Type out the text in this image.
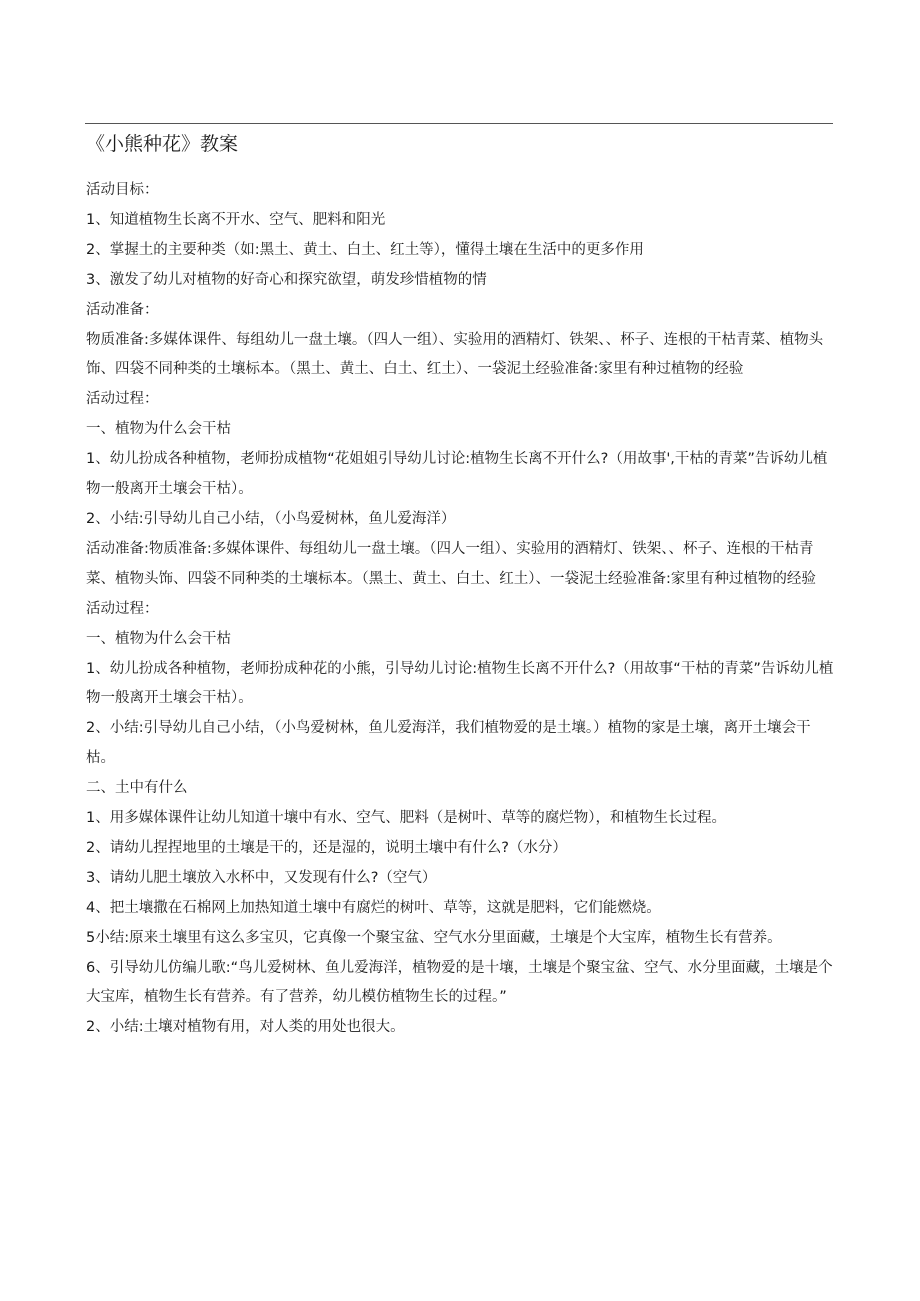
《小熊种花》教案

活动目标：

1、知道植物生长离不开水、空气、肥料和阳光

2、掌握土的主要种类（如:黑土、黄土、白土、红土等），懂得土壤在生活中的更多作用

3、激发了幼儿对植物的好奇心和探究欲望，萌发珍惜植物的情

活动准备：

物质准备:多媒体课件、每组幼儿一盘土壤。（四人一组）、实验用的酒精灯、铁架、、杯子、连根的干枯青菜、植物头饰、四袋不同种类的土壤标本。（黑土、黄土、白土、红土）、一袋泥土经验准备:家里有种过植物的经验

活动过程：

一、植物为什么会干枯

1、幼儿扮成各种植物，老师扮成植物“花姐姐引导幼儿讨论:植物生长离不开什么?（用故事',干枯的青菜”告诉幼儿植物一般离开土壤会干枯）。

2、小结:引导幼儿自己小结，（小鸟爱树林，鱼儿爱海洋）

活动准备:物质准备:多媒体课件、每组幼儿一盘土壤。（四人一组）、实验用的酒精灯、铁架、、杯子、连根的干枯青菜、植物头饰、四袋不同种类的土壤标本。（黑土、黄土、白土、红土）、一袋泥土经验准备:家里有种过植物的经验

活动过程：

一、植物为什么会干枯

1、幼儿扮成各种植物，老师扮成种花的小熊，引导幼儿讨论:植物生长离不开什么?（用故事“干枯的青菜”告诉幼儿植物一般离开土壤会干枯）。

2、小结:引导幼儿自己小结，（小鸟爱树林，鱼儿爱海洋，我们植物爱的是土壤。）植物的家是土壤，离开土壤会干枯。

二、土中有什么

1、用多媒体课件让幼儿知道十壤中有水、空气、肥料（是树叶、草等的腐烂物），和植物生长过程。

2、请幼儿捏捏地里的土壤是干的，还是湿的，说明土壤中有什么?（水分）

3、请幼儿肥土壤放入水杯中，又发现有什么?（空气）

4、把土壤撒在石棉网上加热知道土壤中有腐烂的树叶、草等，这就是肥料，它们能燃烧。

5小结:原来土壤里有这么多宝贝，它真像一个聚宝盆、空气水分里面藏，土壤是个大宝库，植物生长有营养。

6、引导幼儿仿编儿歌:“鸟儿爱树林、鱼儿爱海洋，植物爱的是十壤，土壤是个聚宝盆、空气、水分里面藏，土壤是个大宝库，植物生长有营养。有了营养，幼儿模仿植物生长的过程。”

2、小结:土壤对植物有用，对人类的用处也很大。
